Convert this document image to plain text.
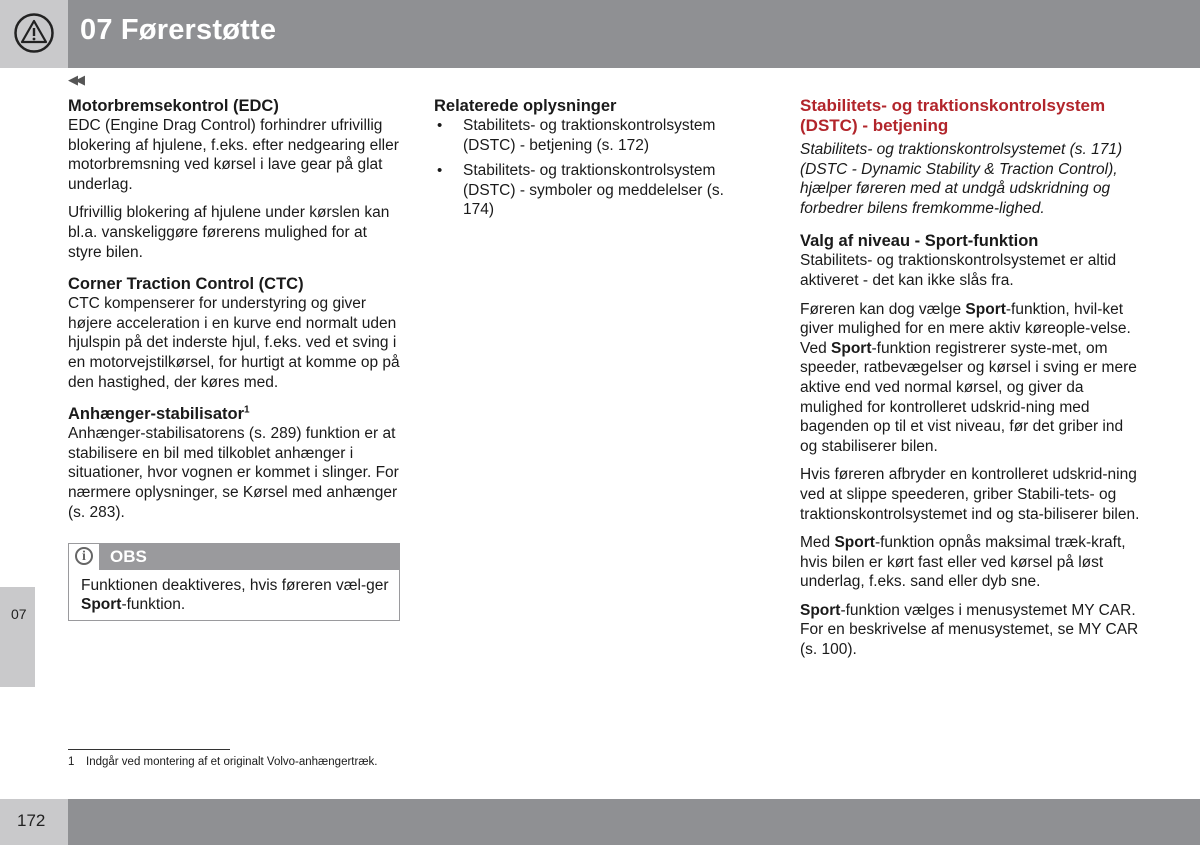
07 Førerstøtte
◀◀
07
Motorbremsekontrol (EDC)

EDC (Engine Drag Control) forhindrer ufrivillig blokering af hjulene, f.eks. efter nedgearing eller motorbremsning ved kørsel i lave gear på glat underlag.

Ufrivillig blokering af hjulene under kørslen kan bl.a. vanskeliggøre førerens mulighed for at styre bilen.

Corner Traction Control (CTC)

CTC kompenserer for understyring og giver højere acceleration i en kurve end normalt uden hjulspin på det inderste hjul, f.eks. ved et sving i en motorvejstilkørsel, for hurtigt at komme op på den hastighed, der køres med.

Anhænger-stabilisator$^1$

Anhænger-stabilisatorens (s. 289) funktion er at stabilisere en bil med tilkoblet anhænger i situationer, hvor vognen er kommet i slinger. For nærmere oplysninger, se Kørsel med anhænger (s. 283).

i	OBS
Funktionen deaktiveres, hvis føreren væl-ger Sport-funktion.
Relaterede oplysninger
• Stabilitets- og traktionskontrolsystem (DSTC) - betjening (s. 172)
• Stabilitets- og traktionskontrolsystem (DSTC) - symboler og meddelelser (s. 174)
Stabilitets- og traktionskontrolsystem (DSTC) - betjening

Stabilitets- og traktionskontrolsystemet (s. 171) (DSTC - Dynamic Stability & Traction Control), hjælper føreren med at undgå udskridning og forbedrer bilens fremkomme-lighed.

Valg af niveau - Sport-funktion

Stabilitets- og traktionskontrolsystemet er altid aktiveret - det kan ikke slås fra.

Føreren kan dog vælge Sport-funktion, hvil-ket giver mulighed for en mere aktiv køreople-velse. Ved Sport-funktion registrerer syste-met, om speeder, ratbevægelser og kørsel i sving er mere aktive end ved normal kørsel, og giver da mulighed for kontrolleret udskrid-ning med bagenden op til et vist niveau, før det griber ind og stabiliserer bilen.

Hvis føreren afbryder en kontrolleret udskrid-ning ved at slippe speederen, griber Stabili-tets- og traktionskontrolsystemet ind og sta-biliserer bilen.

Med Sport-funktion opnås maksimal træk-kraft, hvis bilen er kørt fast eller ved kørsel på løst underlag, f.eks. sand eller dyb sne.

Sport-funktion vælges i menusystemet MY CAR. For en beskrivelse af menusystemet, se MY CAR (s. 100).

1 Indgår ved montering af et originalt Volvo-anhængertræk.
172
